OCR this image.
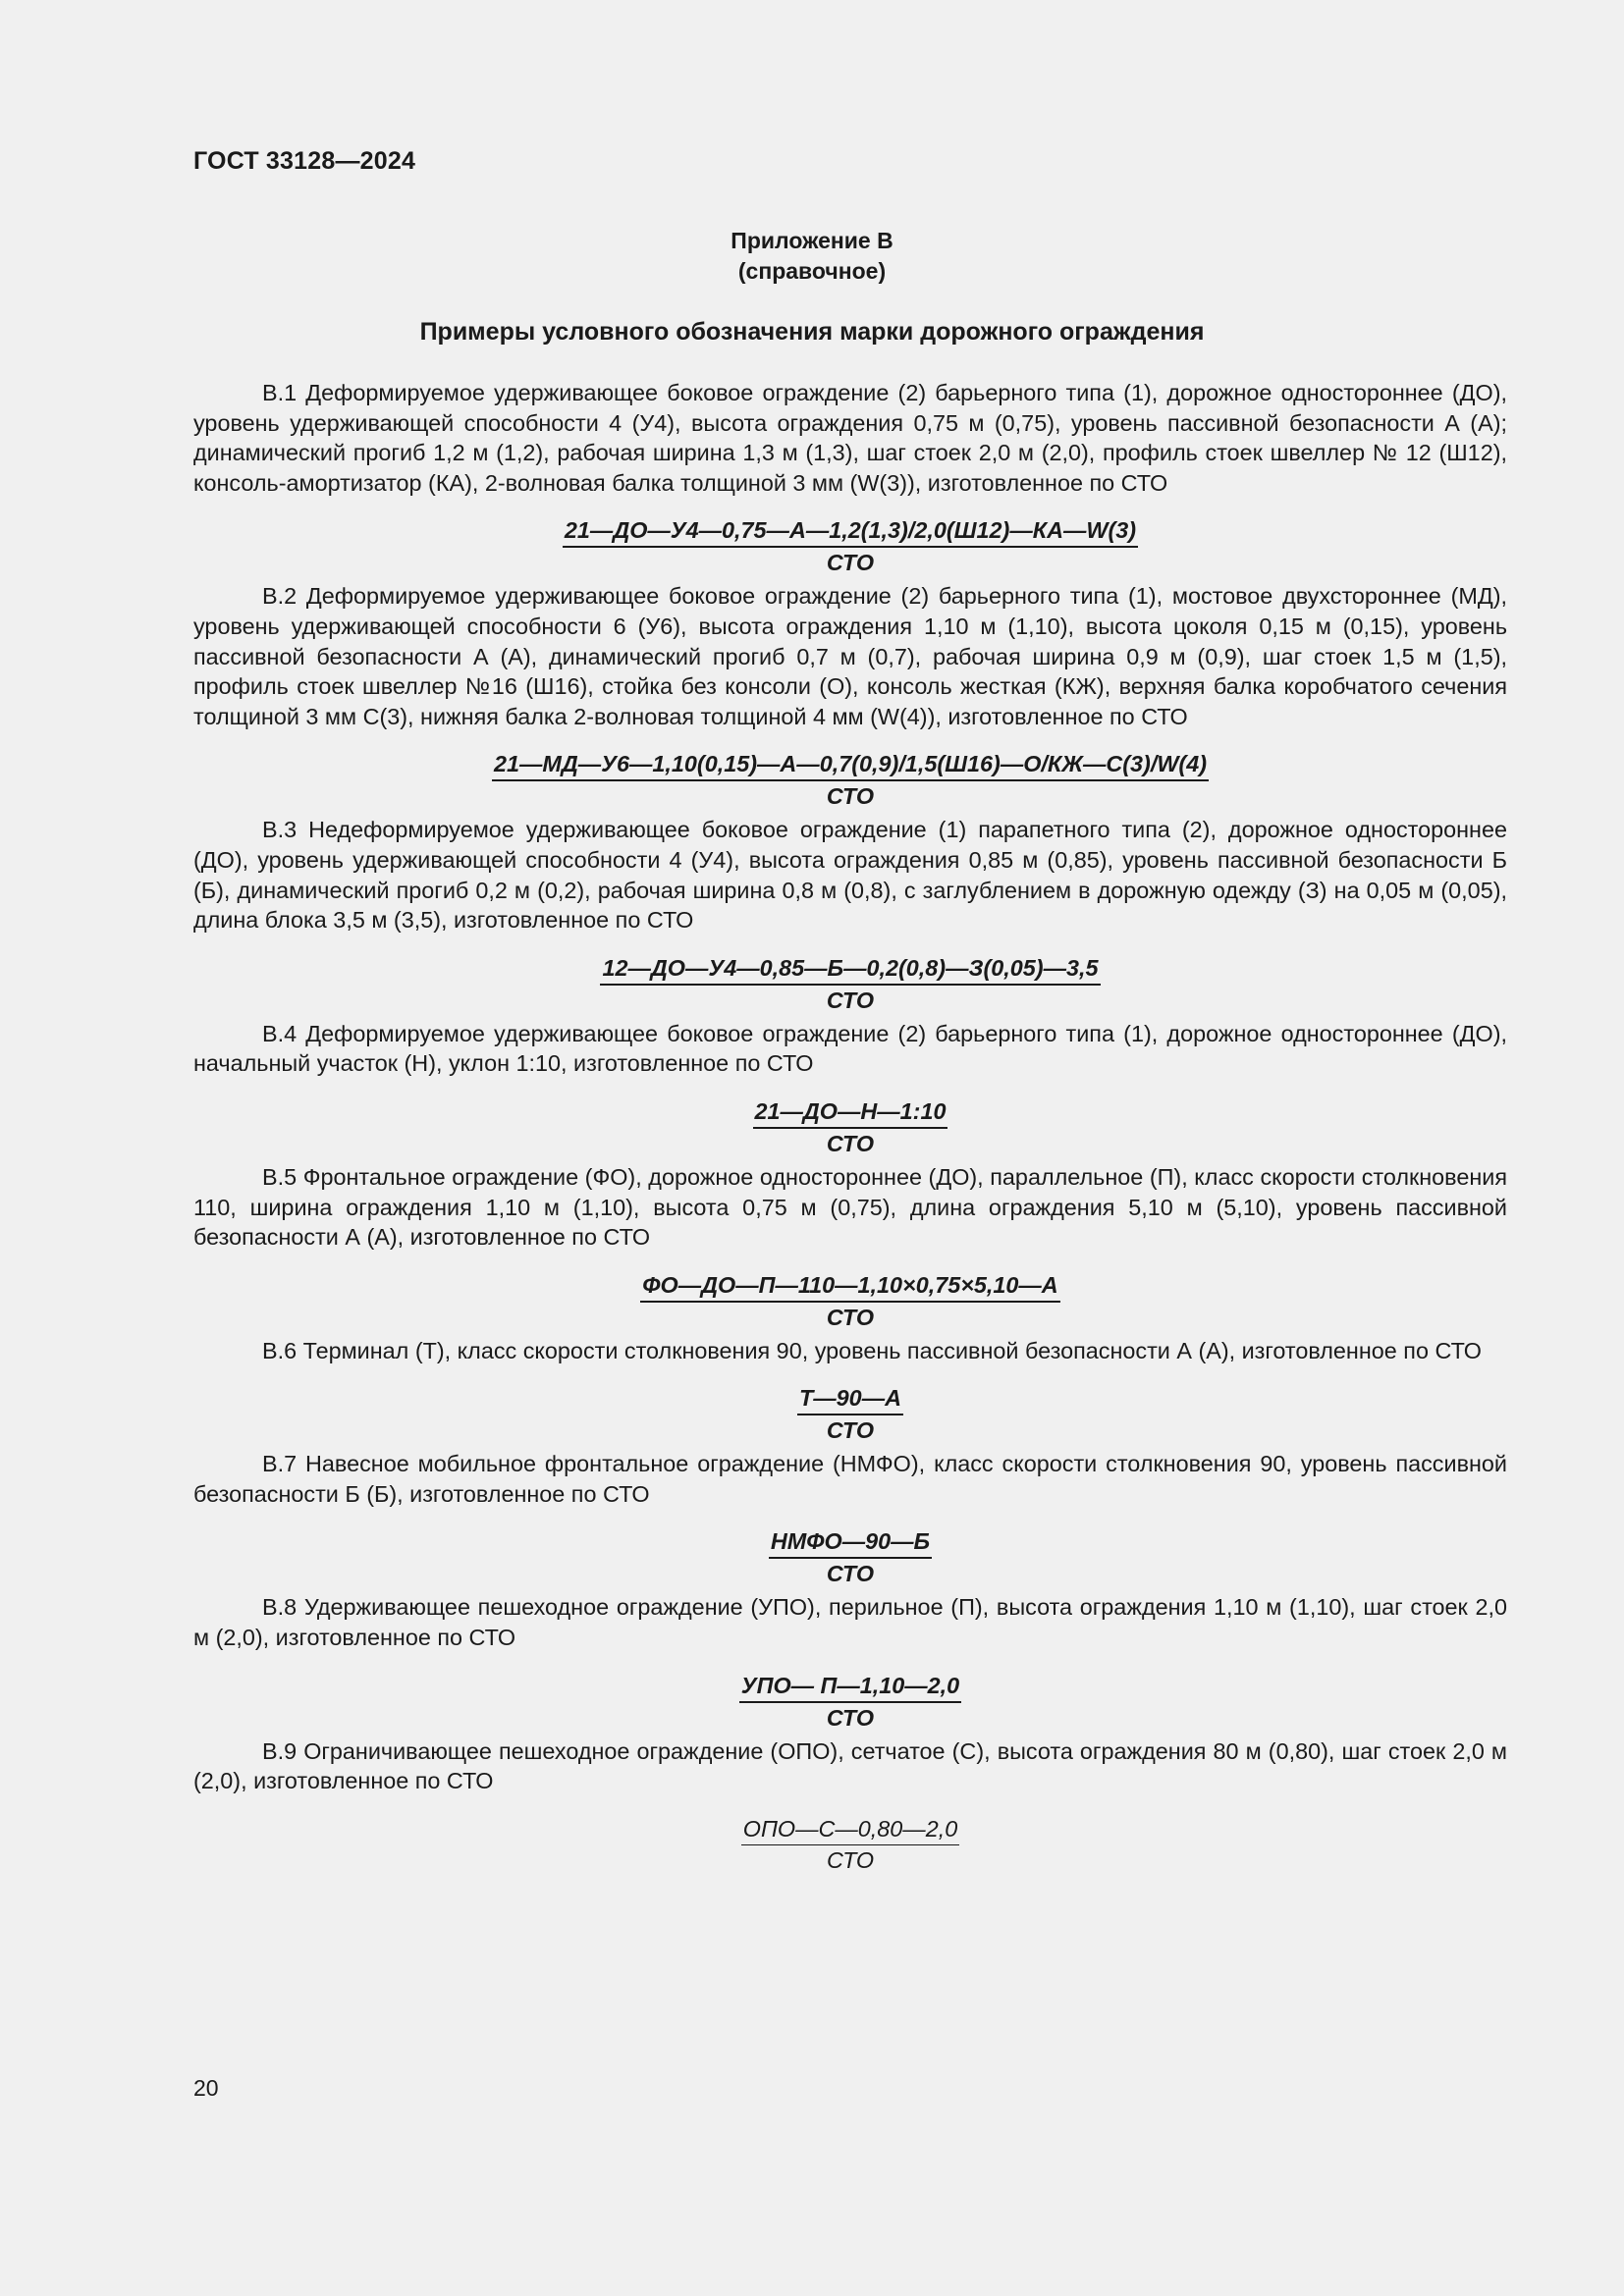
ГОСТ 33128—2024
Приложение В
(справочное)
Примеры условного обозначения марки дорожного ограждения

В.1 Деформируемое удерживающее боковое ограждение (2) барьерного типа (1), дорожное одностороннее (ДО), уровень удерживающей способности 4 (У4), высота ограждения 0,75 м (0,75), уровень пассивной безопасности А (А); динамический прогиб 1,2 м (1,2), рабочая ширина 1,3 м (1,3), шаг стоек 2,0 м (2,0), профиль стоек швеллер № 12 (Ш12), консоль-амортизатор (КА), 2-волновая балка толщиной 3 мм (W(3)), изготовленное по СТО

21—ДО—У4—0,75—А—1,2(1,3)/2,0(Ш12)—КА—W(3)
СТО

В.2 Деформируемое удерживающее боковое ограждение (2) барьерного типа (1), мостовое двухстороннее (МД), уровень удерживающей способности 6 (У6), высота ограждения 1,10 м (1,10), высота цоколя 0,15 м (0,15), уровень пассивной безопасности А (А), динамический прогиб 0,7 м (0,7), рабочая ширина 0,9 м (0,9), шаг стоек 1,5 м (1,5), профиль стоек швеллер №16 (Ш16), стойка без консоли (О), консоль жесткая (КЖ), верхняя балка коробчатого сечения толщиной 3 мм С(3), нижняя балка 2-волновая толщиной 4 мм (W(4)), изготовленное по СТО

21—МД—У6—1,10(0,15)—А—0,7(0,9)/1,5(Ш16)—О/КЖ—С(3)/W(4)
СТО

В.3 Недеформируемое удерживающее боковое ограждение (1) парапетного типа (2), дорожное одностороннее (ДО), уровень удерживающей способности 4 (У4), высота ограждения 0,85 м (0,85), уровень пассивной безопасности Б (Б), динамический прогиб 0,2 м (0,2), рабочая ширина 0,8 м (0,8), с заглублением в дорожную одежду (З) на 0,05 м (0,05), длина блока 3,5 м (3,5), изготовленное по СТО

12—ДО—У4—0,85—Б—0,2(0,8)—З(0,05)—3,5
СТО

В.4 Деформируемое удерживающее боковое ограждение (2) барьерного типа (1), дорожное одностороннее (ДО), начальный участок (Н), уклон 1:10, изготовленное по СТО

21—ДО—Н—1:10
СТО

В.5 Фронтальное ограждение (ФО), дорожное одностороннее (ДО), параллельное (П), класс скорости столкновения 110, ширина ограждения 1,10 м (1,10), высота 0,75 м (0,75), длина ограждения 5,10 м (5,10), уровень пассивной безопасности А (А), изготовленное по СТО

ФО—ДО—П—110—1,10×0,75×5,10—А
СТО

В.6 Терминал (Т), класс скорости столкновения 90, уровень пассивной безопасности А (А), изготовленное по СТО

Т—90—А
СТО

В.7 Навесное мобильное фронтальное ограждение (НМФО), класс скорости столкновения 90, уровень пассивной безопасности Б (Б), изготовленное по СТО

НМФО—90—Б
СТО

В.8 Удерживающее пешеходное ограждение (УПО), перильное (П), высота ограждения 1,10 м (1,10), шаг стоек 2,0 м (2,0), изготовленное по СТО

УПО— П—1,10—2,0
СТО

В.9 Ограничивающее пешеходное ограждение (ОПО), сетчатое (С), высота ограждения 80 м (0,80), шаг стоек 2,0 м (2,0), изготовленное по СТО

ОПО—С—0,80—2,0
СТО
20
